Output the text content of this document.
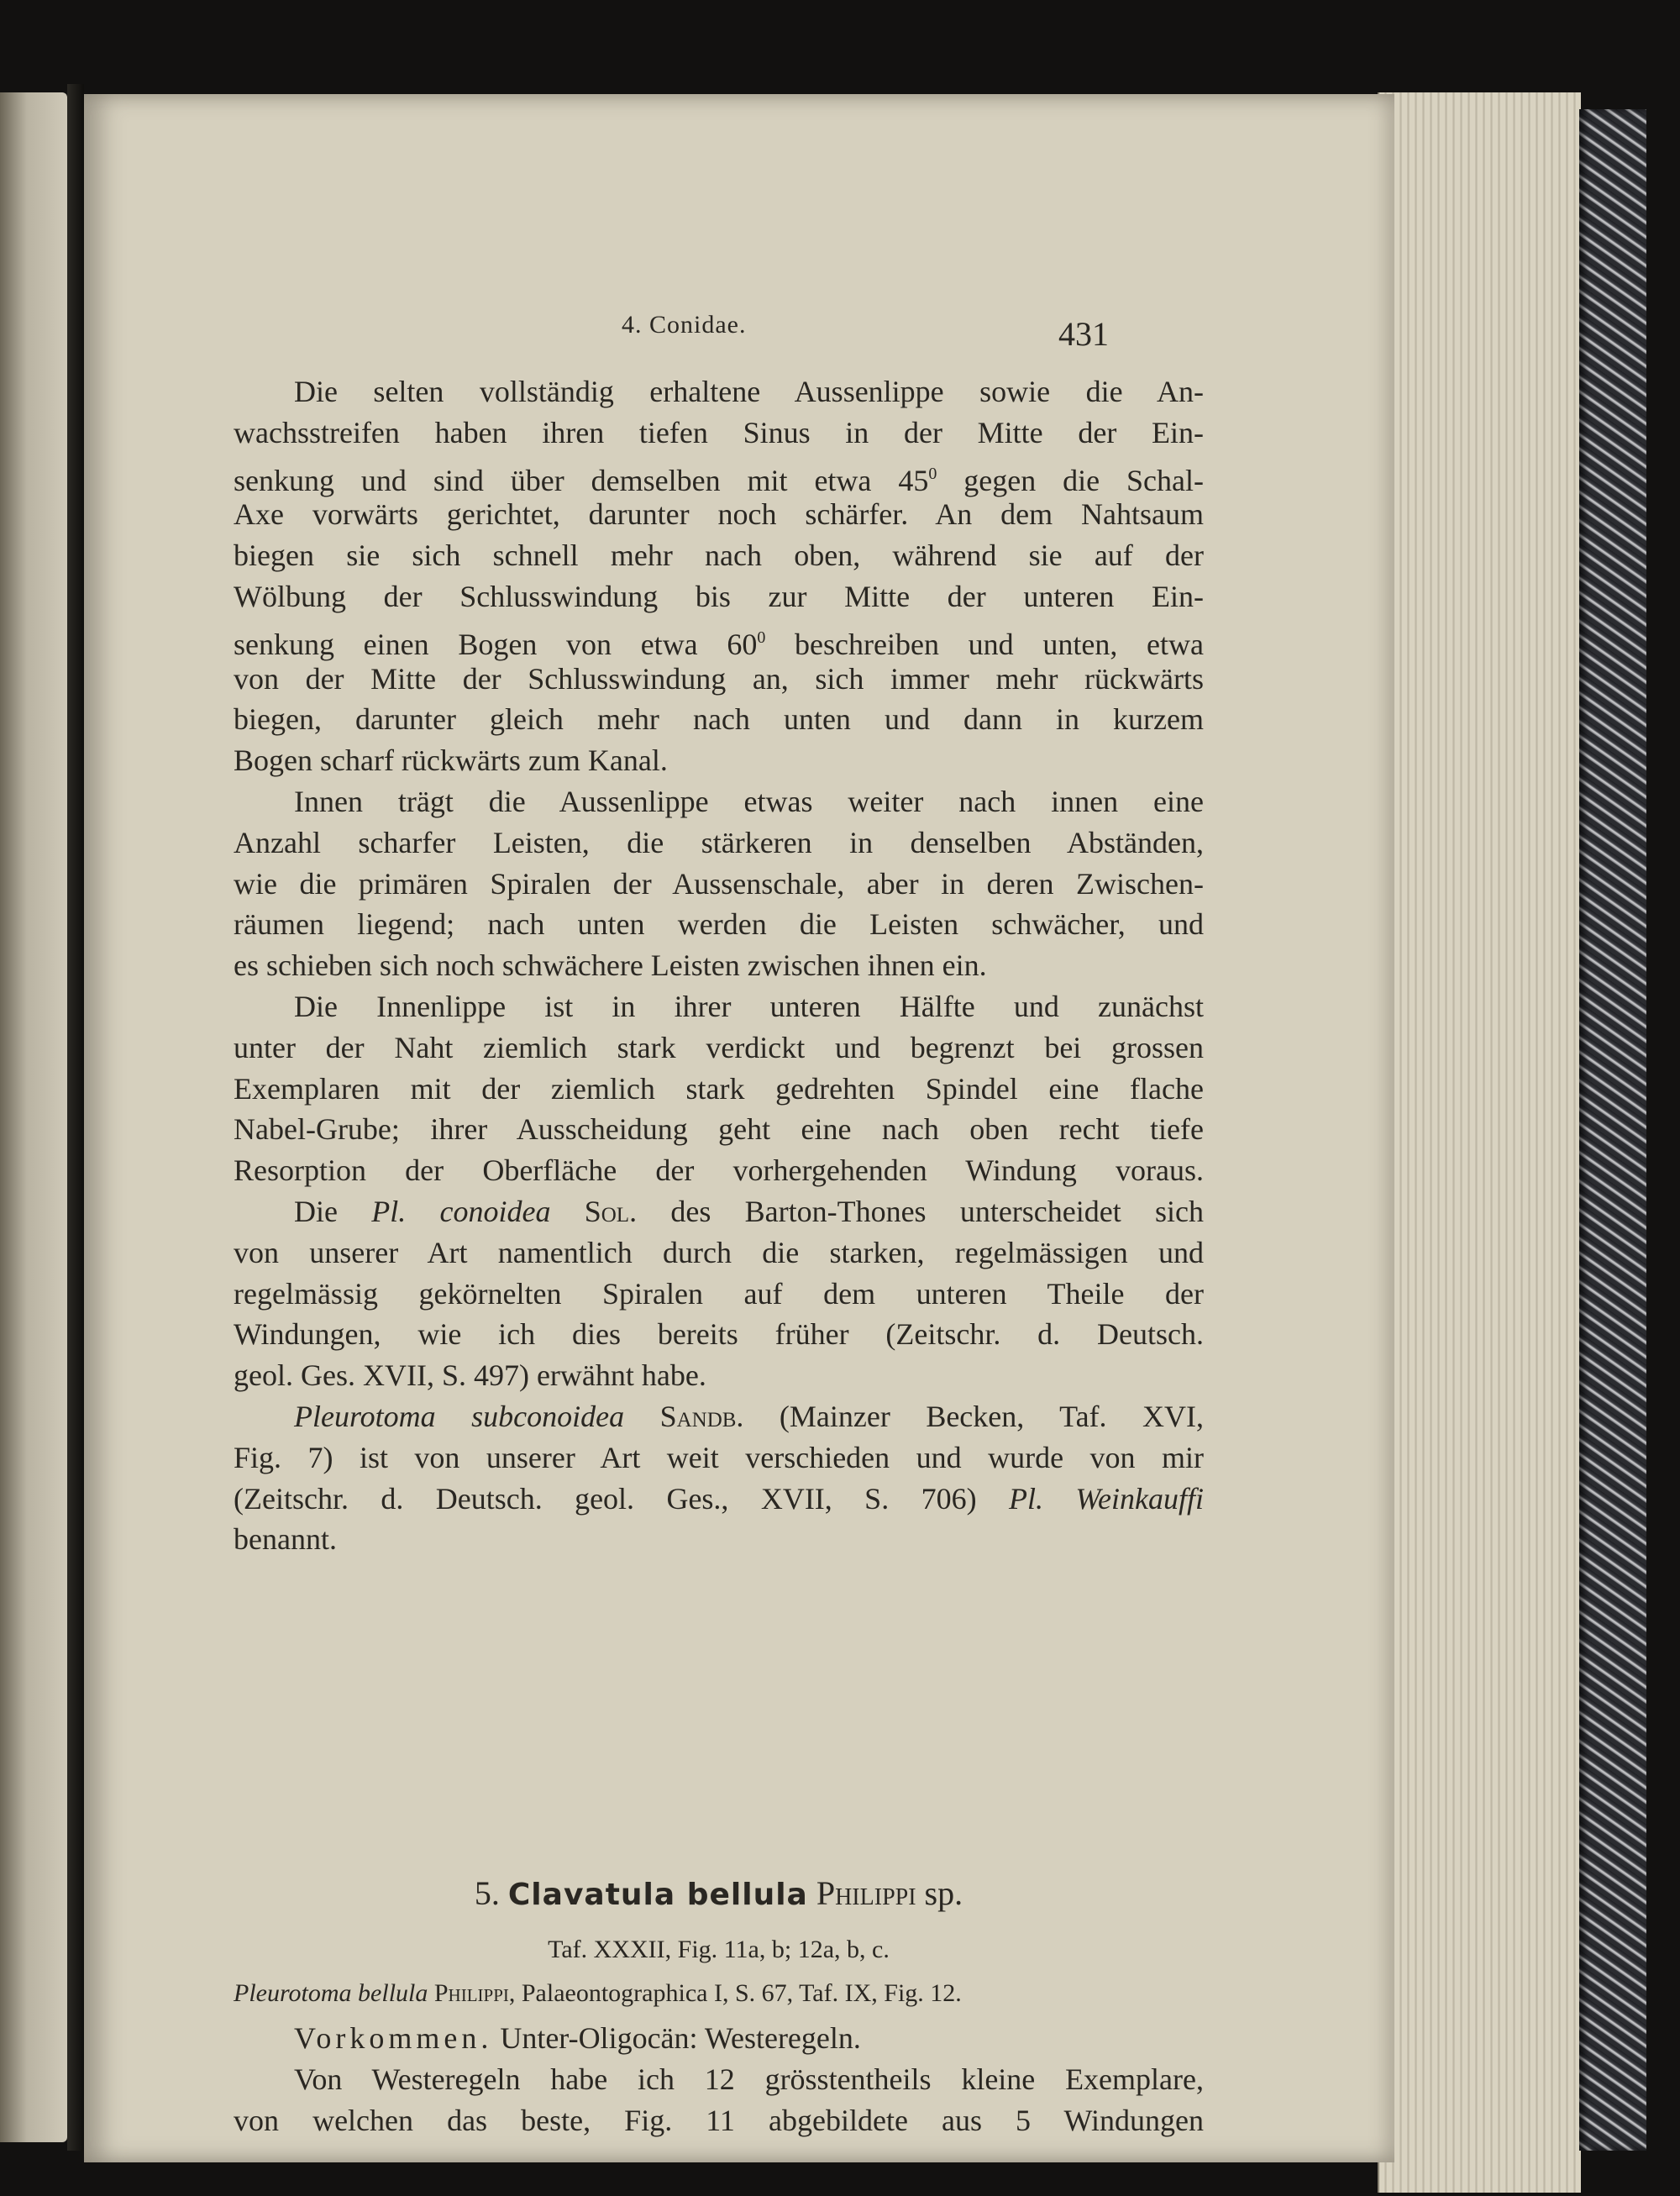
4. Conidae.	431
Die selten vollständig erhaltene Aussenlippe sowie die An-
wachsstreifen haben ihren tiefen Sinus in der Mitte der Ein-
senkung und sind über demselben mit etwa $45^0$ gegen die Schal-
Axe vorwärts gerichtet, darunter noch schärfer. An dem Nahtsaum
biegen sie sich schnell mehr nach oben, während sie auf der
Wölbung der Schlusswindung bis zur Mitte der unteren Ein-
senkung einen Bogen von etwa $60^0$ beschreiben und unten, etwa
von der Mitte der Schlusswindung an, sich immer mehr rückwärts
biegen, darunter gleich mehr nach unten und dann in kurzem
Bogen scharf rückwärts zum Kanal.
Innen trägt die Aussenlippe etwas weiter nach innen eine
Anzahl scharfer Leisten, die stärkeren in denselben Abständen,
wie die primären Spiralen der Aussenschale, aber in deren Zwischen-
räumen liegend; nach unten werden die Leisten schwächer, und
es schieben sich noch schwächere Leisten zwischen ihnen ein.
Die Innenlippe ist in ihrer unteren Hälfte und zunächst
unter der Naht ziemlich stark verdickt und begrenzt bei grossen
Exemplaren mit der ziemlich stark gedrehten Spindel eine flache
Nabel-Grube; ihrer Ausscheidung geht eine nach oben recht tiefe
Resorption der Oberfläche der vorhergehenden Windung voraus.
Die Pl. conoidea Sol. des Barton-Thones unterscheidet sich
von unserer Art namentlich durch die starken, regelmässigen und
regelmässig gekörnelten Spiralen auf dem unteren Theile der
Windungen, wie ich dies bereits früher (Zeitschr. d. Deutsch.
geol. Ges. XVII, S. 497) erwähnt habe.
Pleurotoma subconoidea Sandb. (Mainzer Becken, Taf. XVI,
Fig. 7) ist von unserer Art weit verschieden und wurde von mir
(Zeitschr. d. Deutsch. geol. Ges., XVII, S. 706) Pl. Weinkauffi
benannt.
5. Clavatula bellula Philippi sp.
Taf. XXXII, Fig. 11a, b; 12a, b, c.
Pleurotoma bellula Philippi, Palaeontographica I, S. 67, Taf. IX, Fig. 12.
Vorkommen. Unter-Oligocän: Westeregeln.
Von Westeregeln habe ich 12 grösstentheils kleine Exemplare,
von welchen das beste, Fig. 11 abgebildete aus 5 Windungen
